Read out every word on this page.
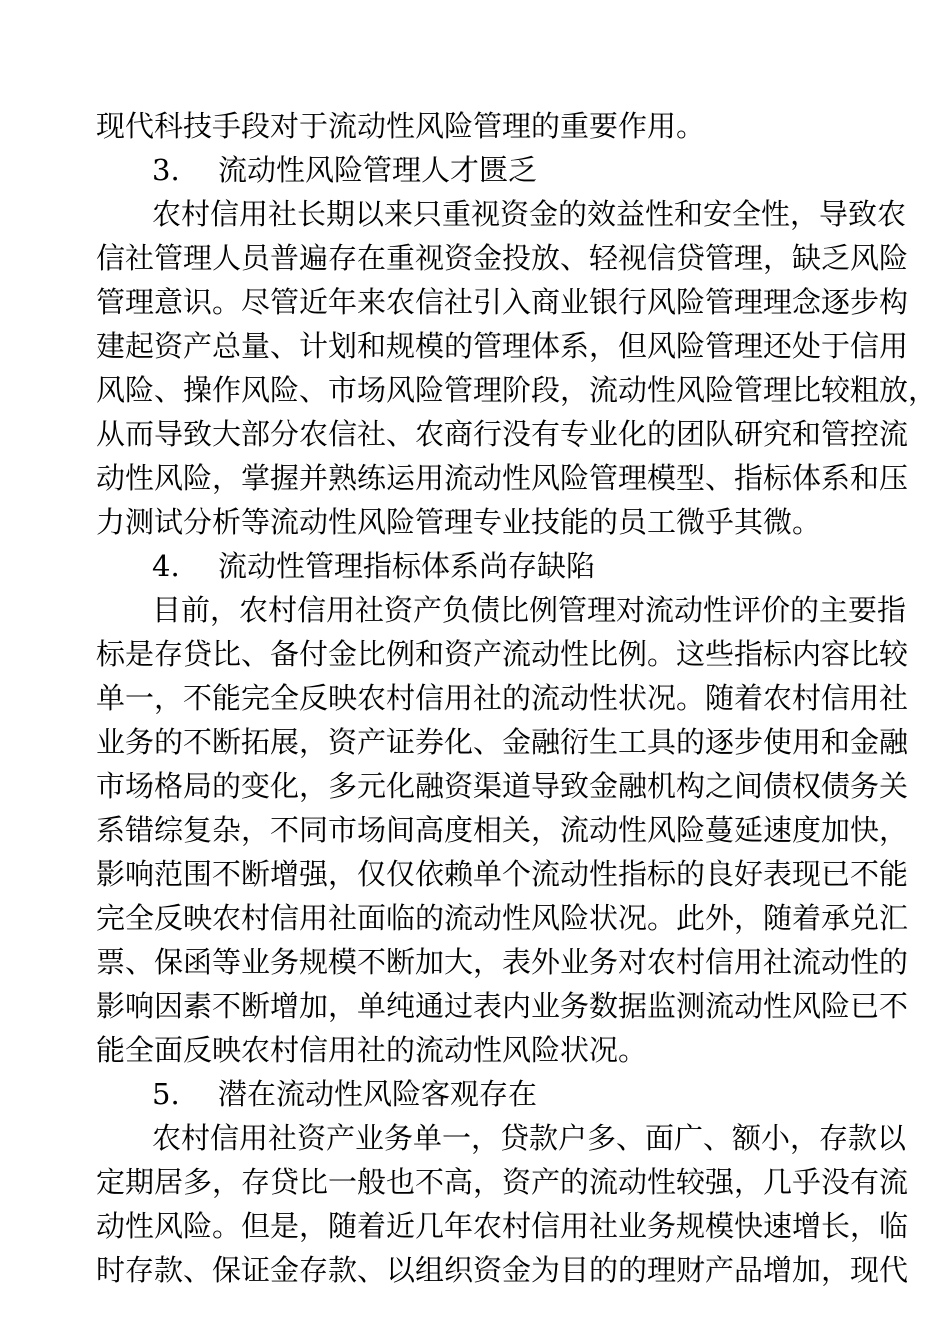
现代科技手段对于流动性风险管理的重要作用。
3. 流动性风险管理人才匮乏
农村信用社长期以来只重视资金的效益性和安全性，导致农
信社管理人员普遍存在重视资金投放、轻视信贷管理，缺乏风险
管理意识。尽管近年来农信社引入商业银行风险管理理念逐步构
建起资产总量、计划和规模的管理体系，但风险管理还处于信用
风险、操作风险、市场风险管理阶段，流动性风险管理比较粗放，
从而导致大部分农信社、农商行没有专业化的团队研究和管控流
动性风险，掌握并熟练运用流动性风险管理模型、指标体系和压
力测试分析等流动性风险管理专业技能的员工微乎其微。
4. 流动性管理指标体系尚存缺陷
目前，农村信用社资产负债比例管理对流动性评价的主要指
标是存贷比、备付金比例和资产流动性比例。这些指标内容比较
单一，不能完全反映农村信用社的流动性状况。随着农村信用社
业务的不断拓展，资产证券化、金融衍生工具的逐步使用和金融
市场格局的变化，多元化融资渠道导致金融机构之间债权债务关
系错综复杂，不同市场间高度相关，流动性风险蔓延速度加快，
影响范围不断增强，仅仅依赖单个流动性指标的良好表现已不能
完全反映农村信用社面临的流动性风险状况。此外，随着承兑汇
票、保函等业务规模不断加大，表外业务对农村信用社流动性的
影响因素不断增加，单纯通过表内业务数据监测流动性风险已不
能全面反映农村信用社的流动性风险状况。
5. 潜在流动性风险客观存在
农村信用社资产业务单一，贷款户多、面广、额小，存款以
定期居多，存贷比一般也不高，资产的流动性较强，几乎没有流
动性风险。但是，随着近几年农村信用社业务规模快速增长，临
时存款、保证金存款、以组织资金为目的的理财产品增加，现代
